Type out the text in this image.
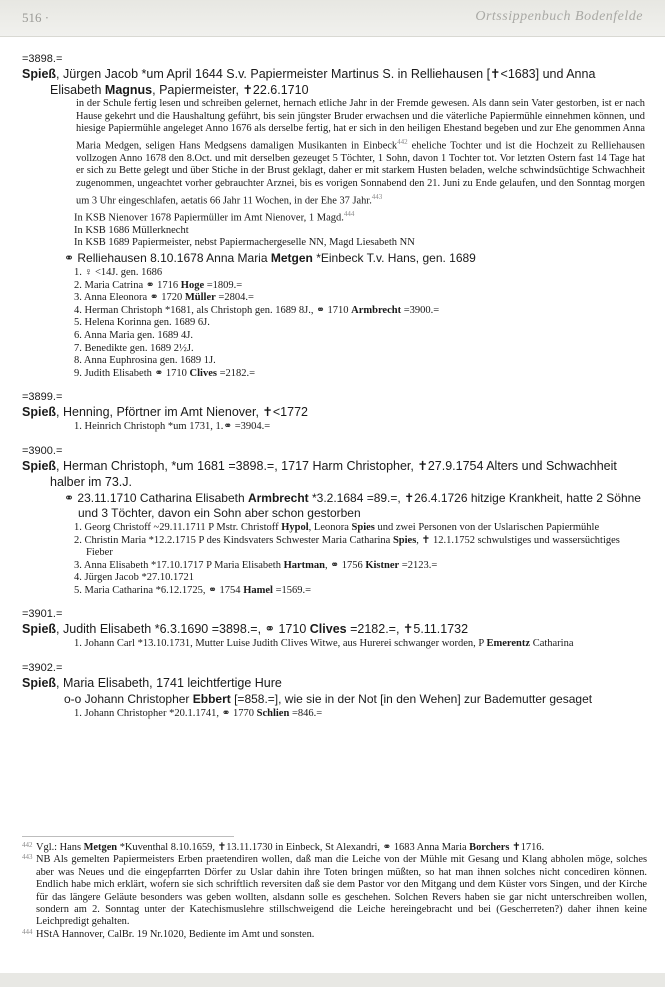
516 ·	Ortssippenbuch Bodenfelde
=3898.=
Spieß, Jürgen Jacob *um April 1644 S.v. Papiermeister Martinus S. in Relliehausen [✝<1683] und Anna Elisabeth Magnus, Papiermeister, ✝22.6.1710
in der Schule fertig lesen und schreiben gelernet, hernach etliche Jahr in der Fremde gewesen. Als dann sein Vater gestorben, ist er nach Hause gekehrt und die Haushaltung geführt, bis sein jüngster Bruder erwachsen und die väterliche Papiermühle einnehmen können, und hiesige Papiermühle angeleget Anno 1676 als derselbe fertig, hat er sich in den heiligen Ehestand begeben und zur Ehe genommen Anna Maria Medgen, seligen Hans Medgsens damaligen Musikanten in Einbeck$^{442}$ eheliche Tochter und ist die Hochzeit zu Relliehausen vollzogen Anno 1678 den 8.Oct. und mit derselben gezeuget 5 Töchter, 1 Sohn, davon 1 Tochter tot. Vor letzten Ostern fast 14 Tage hat er sich zu Bette gelegt und über Stiche in der Brust geklagt, daher er mit starkem Husten beladen, welche schwindsüchtige Schwachheit zugenommen, ungeachtet vorher gebrauchter Arznei, bis es vorigen Sonnabend den 21. Juni zu Ende gelaufen, und den Sonntag morgen um 3 Uhr eingeschlafen, aetatis 66 Jahr 11 Wochen, in der Ehe 37 Jahr.$^{443}$
In KSB Nienover 1678 Papiermüller im Amt Nienover, 1 Magd.$^{444}$
In KSB 1686 Müllerknecht
In KSB 1689 Papiermeister, nebst Papiermachergeselle NN, Magd Liesabeth NN
⚭ Relliehausen 8.10.1678 Anna Maria Metgen *Einbeck T.v. Hans, gen. 1689
1. ♀ <14J. gen. 1686
2. Maria Catrina ⚭ 1716 Hoge =1809.=
3. Anna Eleonora ⚭ 1720 Müller =2804.=
4. Herman Christoph *1681, als Christoph gen. 1689 8J., ⚭ 1710 Armbrecht =3900.=
5. Helena Korinna gen. 1689 6J.
6. Anna Maria gen. 1689 4J.
7. Benedikte gen. 1689 2½J.
8. Anna Euphrosina gen. 1689 1J.
9. Judith Elisabeth ⚭ 1710 Clives =2182.=
=3899.=
Spieß, Henning, Pförtner im Amt Nienover, ✝<1772
1. Heinrich Christoph *um 1731, 1.⚭ =3904.=
=3900.=
Spieß, Herman Christoph, *um 1681 =3898.=, 1717 Harm Christopher, ✝27.9.1754 Alters und Schwachheit halber im 73.J.
⚭ 23.11.1710 Catharina Elisabeth Armbrecht *3.2.1684 =89.=, ✝26.4.1726 hitzige Krankheit, hatte 2 Söhne und 3 Töchter, davon ein Sohn aber schon gestorben
1. Georg Christoff ~29.11.1711 P Mstr. Christoff Hypol, Leonora Spies und zwei Personen von der Uslarischen Papiermühle
2. Christin Maria *12.2.1715 P des Kindsvaters Schwester Maria Catharina Spies, ✝ 12.1.1752 schwulstiges und wassersüchtiges Fieber
3. Anna Elisabeth *17.10.1717 P Maria Elisabeth Hartman, ⚭ 1756 Kistner =2123.=
4. Jürgen Jacob *27.10.1721
5. Maria Catharina *6.12.1725, ⚭ 1754 Hamel =1569.=
=3901.=
Spieß, Judith Elisabeth *6.3.1690 =3898.=, ⚭ 1710 Clives =2182.=, ✝5.11.1732
1. Johann Carl *13.10.1731, Mutter Luise Judith Clives Witwe, aus Hurerei schwanger worden, P Emerentz Catharina
=3902.=
Spieß, Maria Elisabeth, 1741 leichtfertige Hure
o-o Johann Christopher Ebbert [=858.=], wie sie in der Not [in den Wehen] zur Bademutter gesaget
1. Johann Christopher *20.1.1741, ⚭ 1770 Schlien =846.=
442 Vgl.: Hans Metgen *Kuventhal 8.10.1659, ✝13.11.1730 in Einbeck, St Alexandri, ⚭ 1683 Anna Maria Borchers ✝1716.
443 NB Als gemelten Papiermeisters Erben praetendiren wollen, daß man die Leiche von der Mühle mit Gesang und Klang abholen möge, solches aber was Neues und die eingepfarrten Dörfer zu Uslar dahin ihre Toten bringen müßten, so hat man ihnen solches nicht concediren können. Endlich habe mich erklärt, wofern sie sich schriftlich reversiten daß sie dem Pastor vor den Mitgang und dem Küster vors Singen, und der Kirche für das längere Geläute besonders was geben wollten, alsdann solle es geschehen. Solchen Revers haben sie gar nicht unterschreiben wollen, sondern am 2. Sonntag unter der Katechismuslehre stillschweigend die Leiche hereingebracht und bei (Gescherreten?) daher ihnen keine Leichpredigt gehalten.
444 HStA Hannover, CalBr. 19 Nr.1020, Bediente im Amt und sonsten.
